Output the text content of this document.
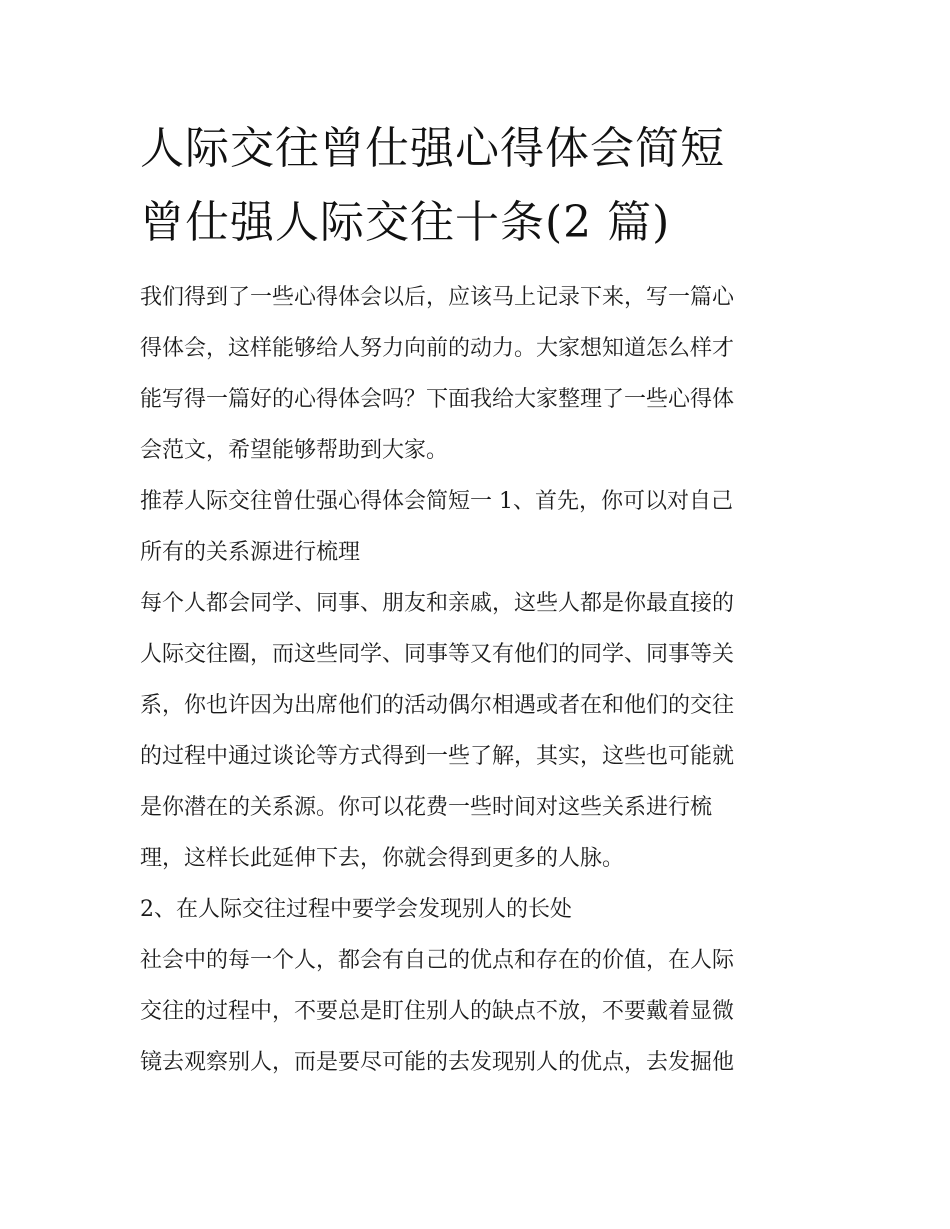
人际交往曾仕强心得体会简短
曾仕强人际交往十条(2 篇)

我们得到了一些心得体会以后，应该马上记录下来，写一篇心
得体会，这样能够给人努力向前的动力。大家想知道怎么样才
能写得一篇好的心得体会吗？下面我给大家整理了一些心得体
会范文，希望能够帮助到大家。

推荐人际交往曾仕强心得体会简短一 1、首先，你可以对自己
所有的关系源进行梳理

每个人都会同学、同事、朋友和亲戚，这些人都是你最直接的
人际交往圈，而这些同学、同事等又有他们的同学、同事等关
系，你也许因为出席他们的活动偶尔相遇或者在和他们的交往
的过程中通过谈论等方式得到一些了解，其实，这些也可能就
是你潜在的关系源。你可以花费一些时间对这些关系进行梳
理，这样长此延伸下去，你就会得到更多的人脉。

2、在人际交往过程中要学会发现别人的长处

社会中的每一个人，都会有自己的优点和存在的价值，在人际
交往的过程中，不要总是盯住别人的缺点不放，不要戴着显微
镜去观察别人，而是要尽可能的去发现别人的优点，去发掘他
